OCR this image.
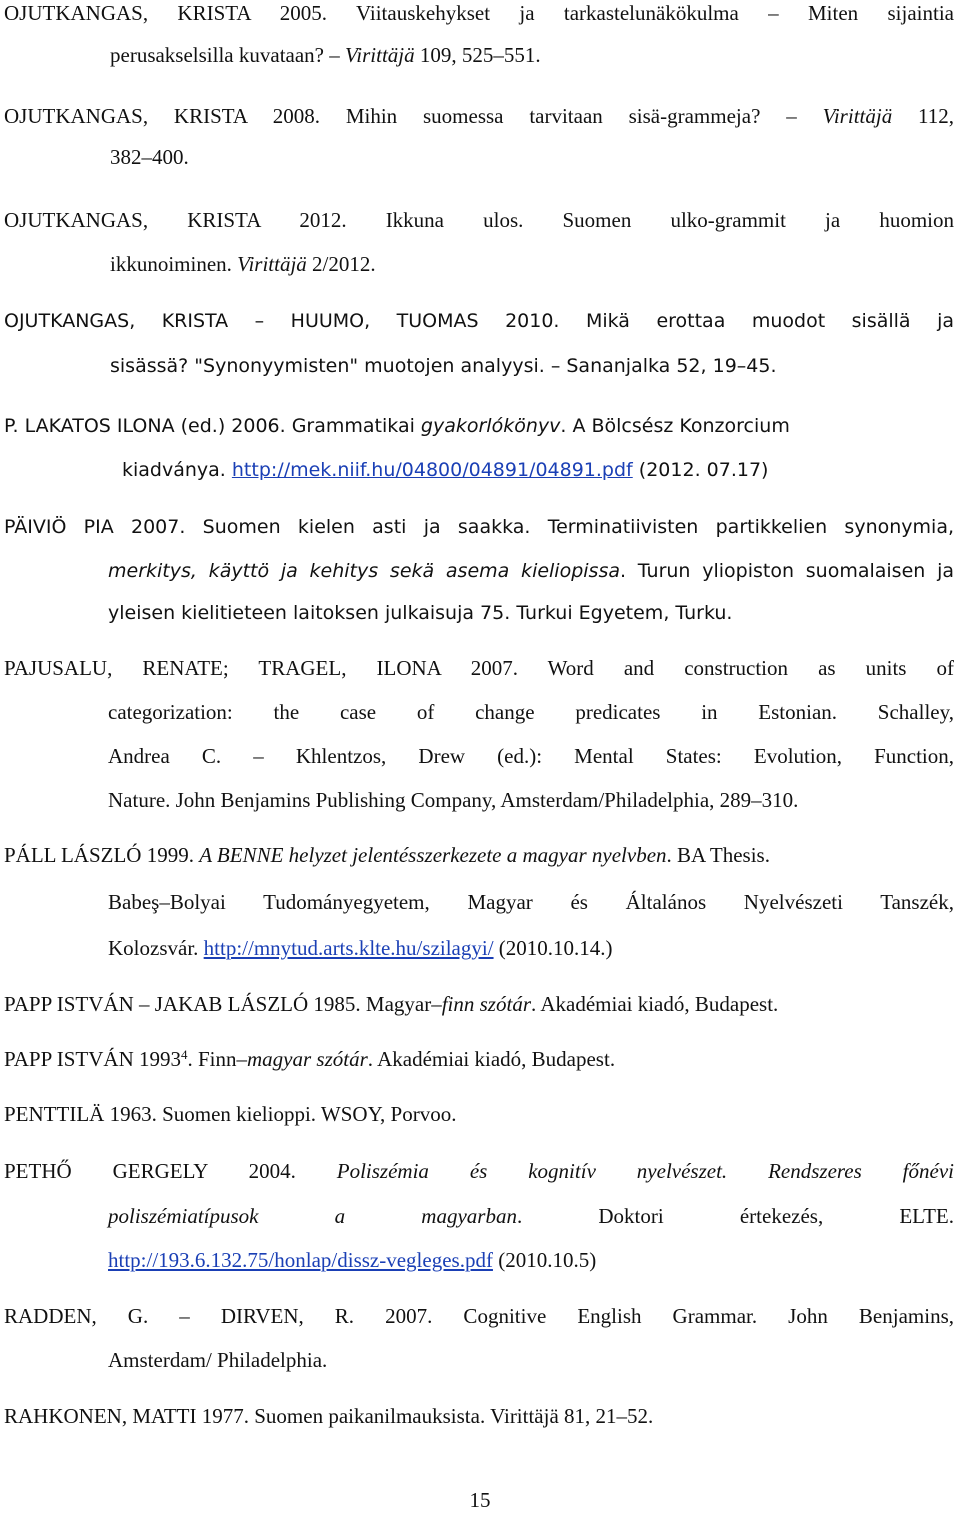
OJUTKANGAS, KRISTA 2005. Viitauskehykset ja tarkastelunäkökulma – Miten sijaintia
perusakselsilla kuvataan? – Virittäjä 109, 525–551.
OJUTKANGAS, KRISTA 2008. Mihin suomessa tarvitaan sisä-grammeja? – Virittäjä 112,
382–400.
OJUTKANGAS, KRISTA 2012. Ikkuna ulos. Suomen ulko-grammit ja huomion
ikkunoiminen. Virittäjä 2/2012.
OJUTKANGAS, KRISTA – HUUMO, TUOMAS 2010. Mikä erottaa muodot sisällä ja
sisässä? "Synonyymisten" muotojen analyysi. – Sananjalka 52, 19–45.
P. LAKATOS ILONA (ed.) 2006. Grammatikai gyakorlókönyv. A Bölcsész Konzorcium
kiadványa. http://mek.niif.hu/04800/04891/04891.pdf (2012. 07.17)
PÄIVIÖ PIA 2007. Suomen kielen asti ja saakka. Terminatiivisten partikkelien synonymia,
merkitys, käyttö ja kehitys sekä asema kieliopissa. Turun yliopiston suomalaisen ja
yleisen kielitieteen laitoksen julkaisuja 75. Turkui Egyetem, Turku.
PAJUSALU, RENATE; TRAGEL, ILONA 2007. Word and construction as units of
categorization: the case of change predicates in Estonian. Schalley,
Andrea C. – Khlentzos, Drew (ed.): Mental States: Evolution, Function,
Nature. John Benjamins Publishing Company, Amsterdam/Philadelphia, 289–310.
PÁLL LÁSZLÓ 1999. A BENNE helyzet jelentésszerkezete a magyar nyelvben. BA Thesis.
Babeş–Bolyai Tudományegyetem, Magyar és Általános Nyelvészeti Tanszék,
Kolozsvár. http://mnytud.arts.klte.hu/szilagyi/ (2010.10.14.)
PAPP ISTVÁN – JAKAB LÁSZLÓ 1985. Magyar–finn szótár. Akadémiai kiadó, Budapest.
PAPP ISTVÁN 1993$^4$. Finn–magyar szótár. Akadémiai kiadó, Budapest.
PENTTILÄ 1963. Suomen kielioppi. WSOY, Porvoo.
PETHŐ GERGELY 2004. Poliszémia és kognitív nyelvészet. Rendszeres főnévi
poliszémiatípusok a magyarban. Doktori értekezés, ELTE.
http://193.6.132.75/honlap/dissz-vegleges.pdf (2010.10.5)
RADDEN, G. – DIRVEN, R. 2007. Cognitive English Grammar. John Benjamins,
Amsterdam/ Philadelphia.
RAHKONEN, MATTI 1977. Suomen paikanilmauksista. Virittäjä 81, 21–52.
15
